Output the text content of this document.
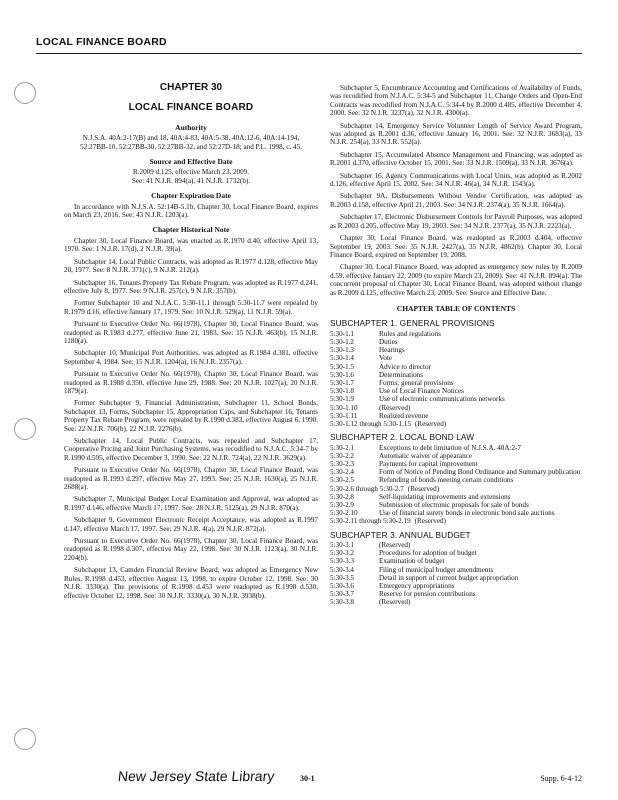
LOCAL FINANCE BOARD
CHAPTER 30
LOCAL FINANCE BOARD
Authority
N.J.S.A. 40A:2-17(B) and 18, 40A:4-83, 40A:5-38, 40A:12-6, 40A:14-194, 52:27BB-10, 52:27BB-30, 52:27BB-32, and 52:27D-18; and P.L. 1998, c. 45.
Source and Effective Date
R.2009 d.125, effective March 23, 2009.
See: 41 N.J.R. 894(a), 41 N.J.R. 1732(b).
Chapter Expiration Date

In accordance with N.J.S.A. 52:14B-5.1b, Chapter 30, Local Finance Board, expires on March 23, 2016. See: 43 N.J.R. 1203(a).

Chapter Historical Note

Chapter 30, Local Finance Board, was enacted as R.1970 d.40, effective April 13, 1970. See: 1 N.J.R. 17(d), 2 N.J.R. 39(a).

Subchapter 14, Local Public Contracts, was adopted as R.1977 d.128, effective May 20, 1977. See: 8 N.J.R. 371(c), 9 N.J.R. 212(a).

Subchapter 16, Tenants Property Tax Rebate Program, was adopted as R.1977 d.241, effective July 8, 1977. See: 9 N.J.R. 257(c), 9 N.J.R. 357(b).

Former Subchapter 10 and N.J.A.C. 5:30-11.1 through 5:30-11.7 were repealed by R.1979 d.16, effective January 17, 1979. See: 10 N.J.R. 529(a), 11 N.J.R. 59(a).

Pursuant to Executive Order No. 66(1978), Chapter 30, Local Finance Board, was readopted as R.1983 d.277, effective June 21, 1983. See: 15 N.J.R. 463(b), 15 N.J.R. 1180(a).

Subchapter 10, Municipal Port Authorities, was adopted as R.1984 d.381, effective September 4, 1984. See: 15 N.J.R. 1204(a), 16 N.J.R. 2357(a).

Pursuant to Executive Order No. 66(1978), Chapter 30, Local Finance Board, was readopted as R.1988 d.350, effective June 29, 1988. See: 20 N.J.R. 1027(a), 20 N.J.R. 1879(a).

Former Subchapter 9, Financial Administration, Subchapter 11, School Bonds, Subchapter 13, Forms, Subchapter 15, Appropriation Caps, and Subchapter 16, Tenants Property Tax Rebate Program, were repealed by R.1990 d.383, effective August 6, 1990. See: 22 N.J.R. 706(b), 22 N.J.R. 2276(b).

Subchapter 14, Local Public Contracts, was repealed and Subchapter 17, Cooperative Pricing and Joint Purchasing Systems, was recodified to N.J.A.C. 5:34-7 by R.1990 d.595, effective December 3, 1990. See: 22 N.J.R. 724(a), 22 N.J.R. 3629(a).

Pursuant to Executive Order No. 66(1978), Chapter 30, Local Finance Board, was readopted as R.1993 d.297, effective May 27, 1993. See: 25 N.J.R. 1630(a), 25 N.J.R. 2688(a).

Subchapter 7, Municipal Budget Local Examination and Approval, was adopted as R.1997 d.146, effective March 17, 1997. See: 28 N.J.R. 5125(a), 29 N.J.R. 870(a).

Subchapter 9, Government Electronic Receipt Acceptance, was adopted as R.1997 d.147, effective March 17, 1997. See: 29 N.J.R. 4(a), 29 N.J.R. 872(a).

Pursuant to Executive Order No. 66(1978), Chapter 30, Local Finance Board, was readopted as R.1998 d.307, effective May 22, 1998. See: 30 N.J.R. 1123(a), 30 N.J.R. 2204(b).

Subchapter 13, Camden Financial Review Board, was adopted as Emergency New Rules, R.1998 d.453, effective August 13, 1998, to expire October 12, 1998. See: 30 N.J.R. 3330(a). The provisions of R.1998 d.453 were readopted as R.1998 d.530, effective October 12, 1998. See: 30 N.J.R. 3330(a), 30 N.J.R. 3938(b).

Subchapter 5, Encumbrance Accounting and Certifications of Availability of Funds, was recodified from N.J.A.C. 5:34-5 and Subchapter 11, Change Orders and Open-End Contracts was recodified from N.J.A.C. 5:34-4 by R.2000 d.485, effective December 4, 2000. See: 32 N.J.R. 3237(a), 32 N.J.R. 4300(a).

Subchapter 14, Emergency Service Volunteer Length of Service Award Program, was adopted as R.2001 d.36, effective January 16, 2001. See: 32 N.J.R. 3683(a), 33 N.J.R. 254(a), 33 N.J.R. 552(a).

Subchapter 15, Accumulated Absence Management and Financing, was adopted as R.2001 d.370, effective October 15, 2001. See: 33 N.J.R. 1509(a), 33 N.J.R. 3676(a).

Subchapter 16, Agency Communications with Local Units, was adopted as R.2002 d.126, effective April 15, 2002. See: 34 N.J.R. 46(a), 34 N.J.R. 1543(a).

Subchapter 9A, Disbursements Without Vendor Certification, was adopted as R.2003 d.158, effective April 21, 2003. See: 34 N.J.R. 2374(a), 35 N.J.R. 1664(a).

Subchapter 17, Electronic Disbursement Controls for Payroll Purposes, was adopted as R.2003 d.205, effective May 19, 2003. See: 34 N.J.R. 2377(a), 35 N.J.R. 2223(a).

Chapter 30, Local Finance Board, was readopted as R.2003 d.404, effective September 19, 2003. See: 35 N.J.R. 2427(a), 35 N.J.R. 4862(b). Chapter 30, Local Finance Board, expired on September 19, 2008.

Chapter 30, Local Finance Board, was adopted as emergency new rules by R.2009 d.59, effective January 22, 2009 (to expire March 23, 2009). See: 41 N.J.R. 894(a). The concurrent proposal of Chapter 30, Local Finance Board, was adopted without change as R.2009 d.125, effective March 23, 2009. See: Source and Effective Date.

CHAPTER TABLE OF CONTENTS
SUBCHAPTER 1. GENERAL PROVISIONS
5:30-1.1	Rules and regulations
5:30-1.2	Duties
5:30-1.3	Hearings
5:30-1.4	Vote
5:30-1.5	Advice to director
5:30-1.6	Determinations
5:30-1.7	Forms; general provisions
5:30-1.8	Use of Local Finance Notices
5:30-1.9	Use of electronic communications networks
5:30-1.10	(Reserved)
5:30-1.11	Realized revenue
5:30-1.12 through 5:30-1.15 (Reserved)
SUBCHAPTER 2. LOCAL BOND LAW
5:30-2.1	Exceptions to debt limitation of N.J.S.A. 40A:2-7
5:30-2.2	Automatic waiver of appearance
5:30-2.3	Payments for capital improvement
5:30-2.4	Form of Notice of Pending Bond Ordinance and Summary publication
5:30-2.5	Refunding of bonds meeting certain conditions
5:30-2.6 through 5:30-2.7 (Reserved)
5:30-2.8	Self-liquidating improvements and extensions
5:30-2.9	Submission of electronic proposals for sale of bonds
5:30-2.10	Use of financial surety bonds in electronic bond sale auctions
5:30-2.11 through 5:30-2.19 (Reserved)
SUBCHAPTER 3. ANNUAL BUDGET
5:30-3.1	(Reserved)
5:30-3.2	Procedures for adoption of budget
5:30-3.3	Examination of budget
5:30-3.4	Filing of municipal budget amendments
5:30-3.5	Detail in support of current budget appropriation
5:30-3.6	Emergency appropriations
5:30-3.7	Reserve for pension contributions
5:30-3.8	(Reserved)
New Jersey State Library	30-1	Supp. 6-4-12
